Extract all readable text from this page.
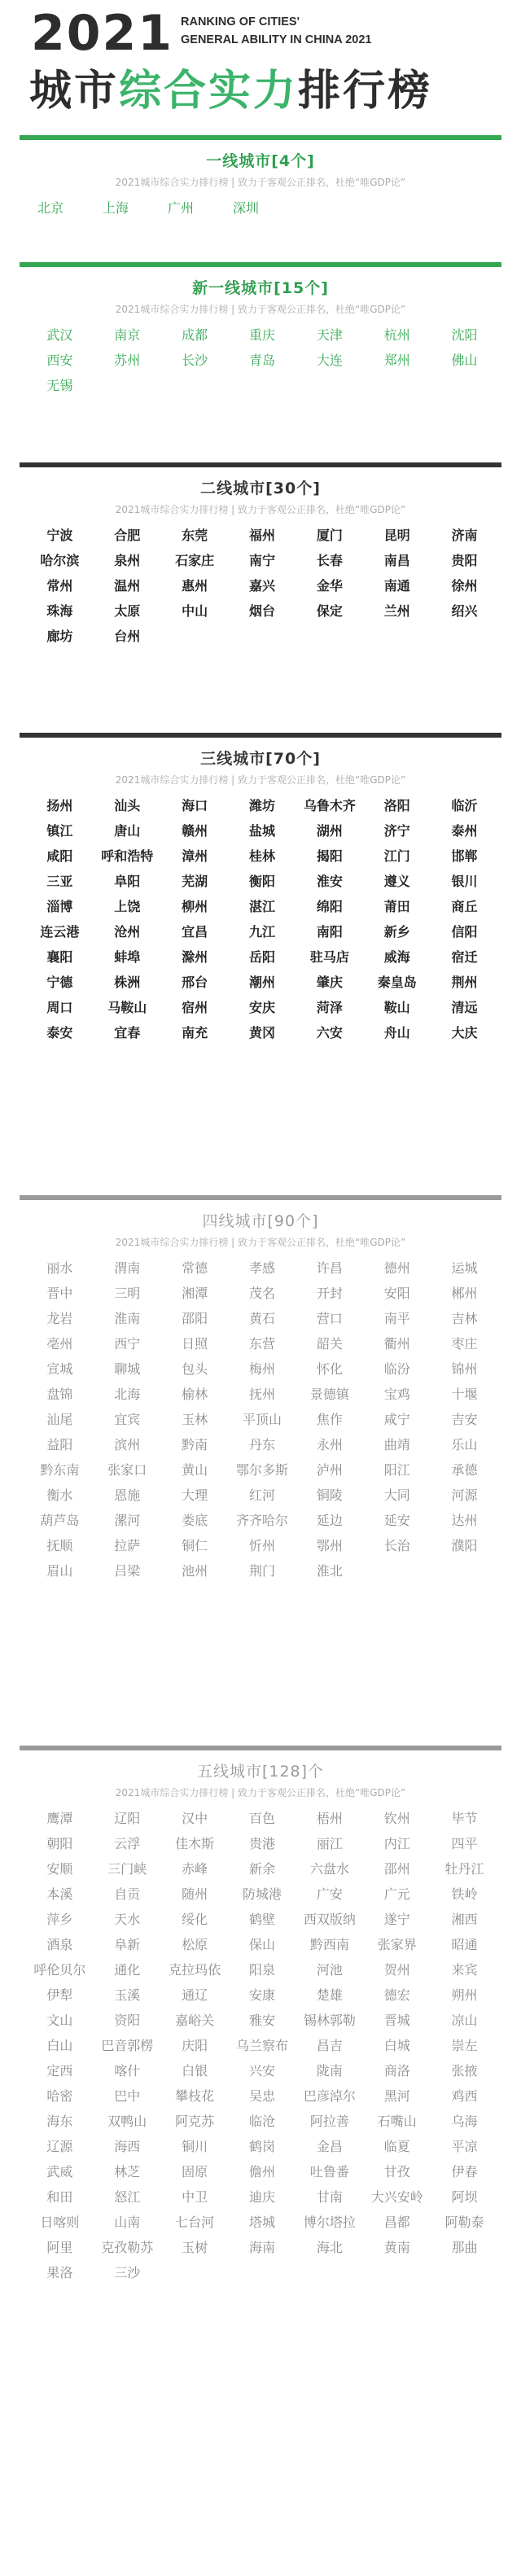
2021 RANKING OF CITIES'
GENERAL ABILITY IN CHINA 2021
城市综合实力排行榜
一线城市[4个]
2021城市综合实力排行榜 | 致力于客观公正排名，杜绝“唯GDP论”
北京	上海	广州	深圳
新一线城市[15个]
2021城市综合实力排行榜 | 致力于客观公正排名，杜绝“唯GDP论”
武汉	南京	成都	重庆	天津	杭州	沈阳
西安	苏州	长沙	青岛	大连	郑州	佛山
无锡
二线城市[30个]
2021城市综合实力排行榜 | 致力于客观公正排名，杜绝“唯GDP论”
宁波	合肥	东莞	福州	厦门	昆明	济南
哈尔滨	泉州	石家庄	南宁	长春	南昌	贵阳
常州	温州	惠州	嘉兴	金华	南通	徐州
珠海	太原	中山	烟台	保定	兰州	绍兴
廊坊	台州
三线城市[70个]
2021城市综合实力排行榜 | 致力于客观公正排名，杜绝“唯GDP论”
扬州	汕头	海口	潍坊	乌鲁木齐	洛阳	临沂
镇江	唐山	赣州	盐城	湖州	济宁	泰州
咸阳	呼和浩特	漳州	桂林	揭阳	江门	邯郸
三亚	阜阳	芜湖	衡阳	淮安	遵义	银川
淄博	上饶	柳州	湛江	绵阳	莆田	商丘
连云港	沧州	宜昌	九江	南阳	新乡	信阳
襄阳	蚌埠	滁州	岳阳	驻马店	威海	宿迁
宁德	株洲	邢台	潮州	肇庆	秦皇岛	荆州
周口	马鞍山	宿州	安庆	菏泽	鞍山	清远
泰安	宜春	南充	黄冈	六安	舟山	大庆
四线城市[90个]
2021城市综合实力排行榜 | 致力于客观公正排名，杜绝“唯GDP论”
丽水	渭南	常德	孝感	许昌	德州	运城
晋中	三明	湘潭	茂名	开封	安阳	郴州
龙岩	淮南	邵阳	黄石	营口	南平	吉林
亳州	西宁	日照	东营	韶关	衢州	枣庄
宣城	聊城	包头	梅州	怀化	临汾	锦州
盘锦	北海	榆林	抚州	景德镇	宝鸡	十堰
汕尾	宜宾	玉林	平顶山	焦作	咸宁	吉安
益阳	滨州	黔南	丹东	永州	曲靖	乐山
黔东南	张家口	黄山	鄂尔多斯	泸州	阳江	承德
衡水	恩施	大理	红河	铜陵	大同	河源
葫芦岛	漯河	娄底	齐齐哈尔	延边	延安	达州
抚顺	拉萨	铜仁	忻州	鄂州	长治	濮阳
眉山	吕梁	池州	荆门	淮北
五线城市[128]个
2021城市综合实力排行榜 | 致力于客观公正排名，杜绝“唯GDP论”
鹰潭	辽阳	汉中	百色	梧州	钦州	毕节
朝阳	云浮	佳木斯	贵港	丽江	内江	四平
安顺	三门峡	赤峰	新余	六盘水	邵州	牡丹江
本溪	自贡	随州	防城港	广安	广元	铁岭
萍乡	天水	绥化	鹤壁	西双版纳	遂宁	湘西
酒泉	阜新	松原	保山	黔西南	张家界	昭通
呼伦贝尔	通化	克拉玛依	阳泉	河池	贺州	来宾
伊犁	玉溪	通辽	安康	楚雄	德宏	朔州
文山	资阳	嘉峪关	雅安	锡林郭勒	晋城	凉山
白山	巴音郭楞	庆阳	乌兰察布	昌吉	白城	崇左
定西	喀什	白银	兴安	陇南	商洛	张掖
哈密	巴中	攀枝花	吴忠	巴彦淖尔	黑河	鸡西
海东	双鸭山	阿克苏	临沧	阿拉善	石嘴山	乌海
辽源	海西	铜川	鹤岗	金昌	临夏	平凉
武威	林芝	固原	儋州	吐鲁番	甘孜	伊春
和田	怒江	中卫	迪庆	甘南	大兴安岭	阿坝
日喀则	山南	七台河	塔城	博尔塔拉	昌都	阿勒泰
阿里	克孜勒苏	玉树	海南	海北	黄南	那曲
果洛	三沙
